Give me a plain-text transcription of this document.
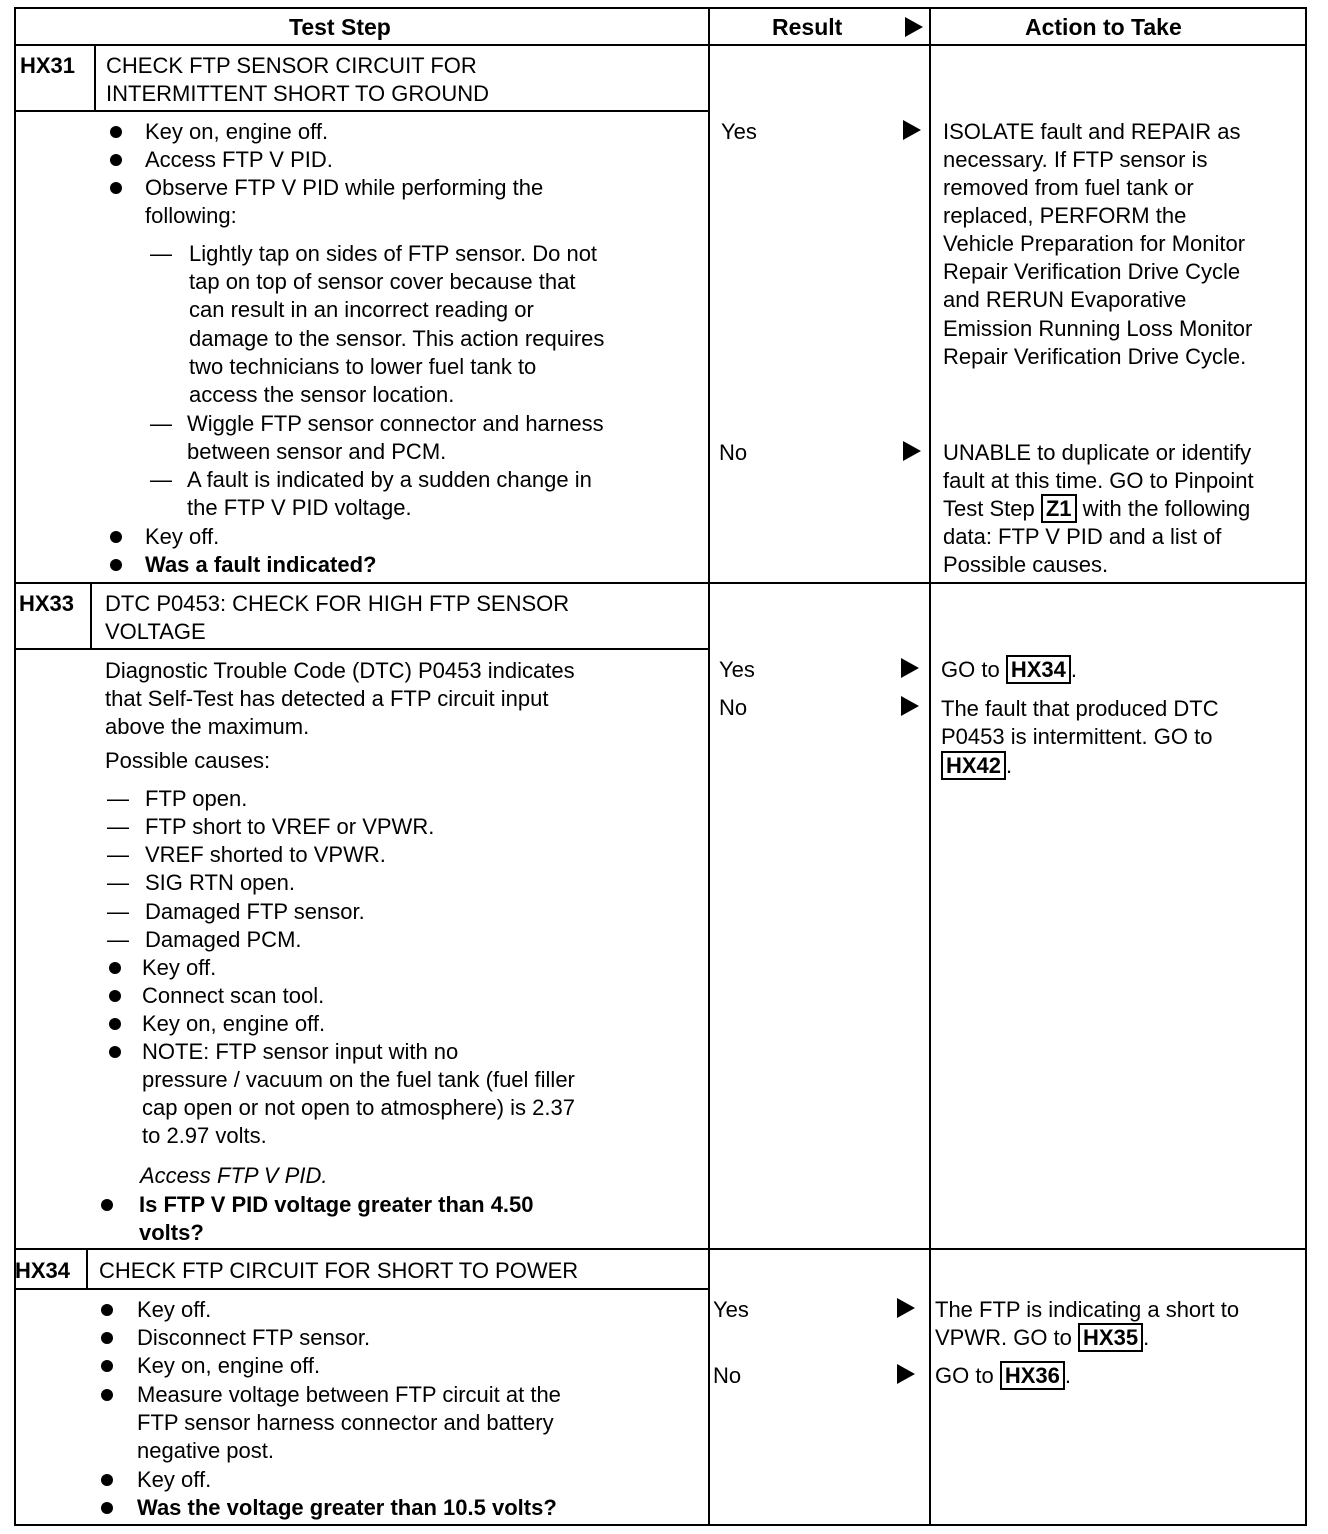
Test Step	Result	Action to Take
HX31 CHECK FTP SENSOR CIRCUIT FOR
INTERMITTENT SHORT TO GROUND
Key on, engine off.
Access FTP V PID.
Observe FTP V PID while performing the
following:
— Lightly tap on sides of FTP sensor. Do not
tap on top of sensor cover because that
can result in an incorrect reading or
damage to the sensor. This action requires
two technicians to lower fuel tank to
access the sensor location.
— Wiggle FTP sensor connector and harness
between sensor and PCM.
— A fault is indicated by a sudden change in
the FTP V PID voltage.
Key off.
Was a fault indicated?
Yes	ISOLATE fault and REPAIR as
necessary. If FTP sensor is
removed from fuel tank or
replaced, PERFORM the
Vehicle Preparation for Monitor
Repair Verification Drive Cycle
and RERUN Evaporative
Emission Running Loss Monitor
Repair Verification Drive Cycle.
No	UNABLE to duplicate or identify
fault at this time. GO to Pinpoint
Test Step Z1 with the following
data: FTP V PID and a list of
Possible causes.
HX33 DTC P0453: CHECK FOR HIGH FTP SENSOR
VOLTAGE
Diagnostic Trouble Code (DTC) P0453 indicates
that Self-Test has detected a FTP circuit input
above the maximum.
Possible causes:
— FTP open.
— FTP short to VREF or VPWR.
— VREF shorted to VPWR.
— SIG RTN open.
— Damaged FTP sensor.
— Damaged PCM.
Key off.
Connect scan tool.
Key on, engine off.
NOTE: FTP sensor input with no
pressure / vacuum on the fuel tank (fuel filler
cap open or not open to atmosphere) is 2.37
to 2.97 volts.
Access FTP V PID.
Is FTP V PID voltage greater than 4.50
volts?
Yes	GO to HX34 .
No	The fault that produced DTC
P0453 is intermittent. GO to
HX42 .
HX34 CHECK FTP CIRCUIT FOR SHORT TO POWER
Key off.
Disconnect FTP sensor.
Key on, engine off.
Measure voltage between FTP circuit at the
FTP sensor harness connector and battery
negative post.
Key off.
Was the voltage greater than 10.5 volts?
Yes	The FTP is indicating a short to
VPWR. GO to HX35 .
No	GO to HX36 .
